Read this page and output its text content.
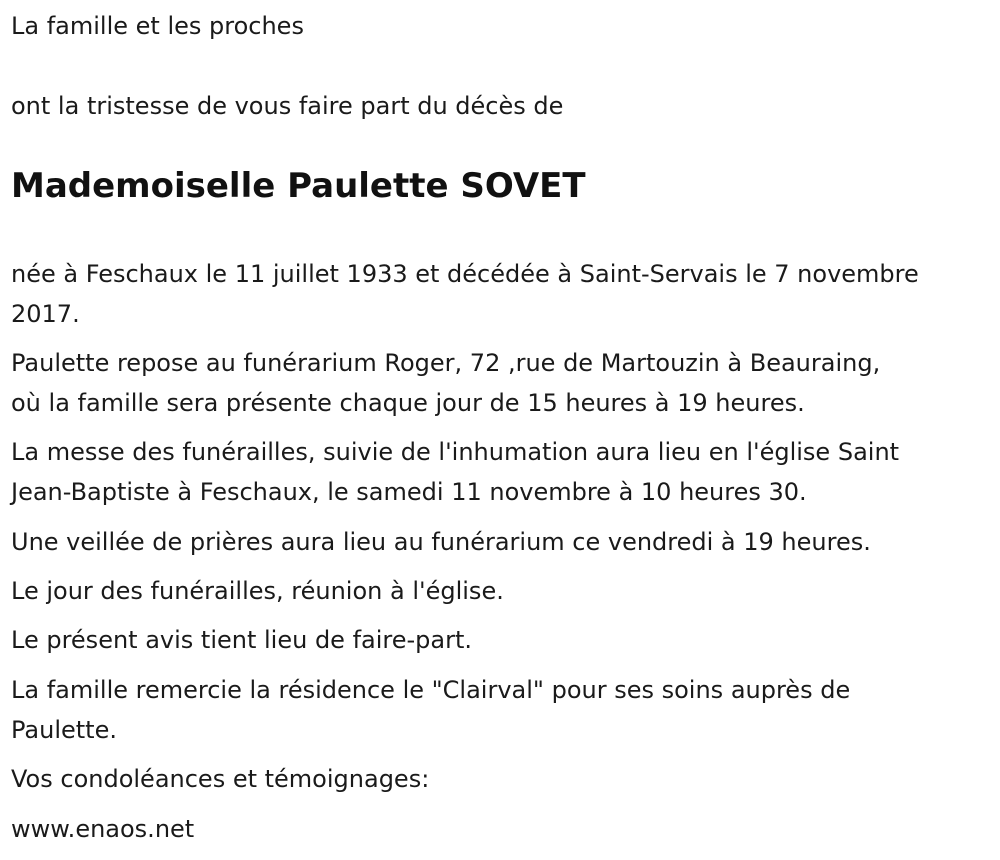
La famille et les proches

ont la tristesse de vous faire part du décès de

Mademoiselle Paulette SOVET

née à Feschaux le 11 juillet 1933 et décédée à Saint-Servais le 7 novembre 2017.

Paulette repose au funérarium Roger, 72 ,rue de Martouzin à Beauraing,
où la famille sera présente chaque jour de 15 heures à 19 heures.
La messe des funérailles, suivie de l'inhumation aura lieu en l'église Saint
Jean-Baptiste à Feschaux, le samedi 11 novembre à 10 heures 30.

Une veillée de prières aura lieu au funérarium ce vendredi à 19 heures.

Le jour des funérailles, réunion à l'église.

Le présent avis tient lieu de faire-part.

La famille remercie la résidence le "Clairval" pour ses soins auprès de
Paulette.

Vos condoléances et témoignages:

www.enaos.net
